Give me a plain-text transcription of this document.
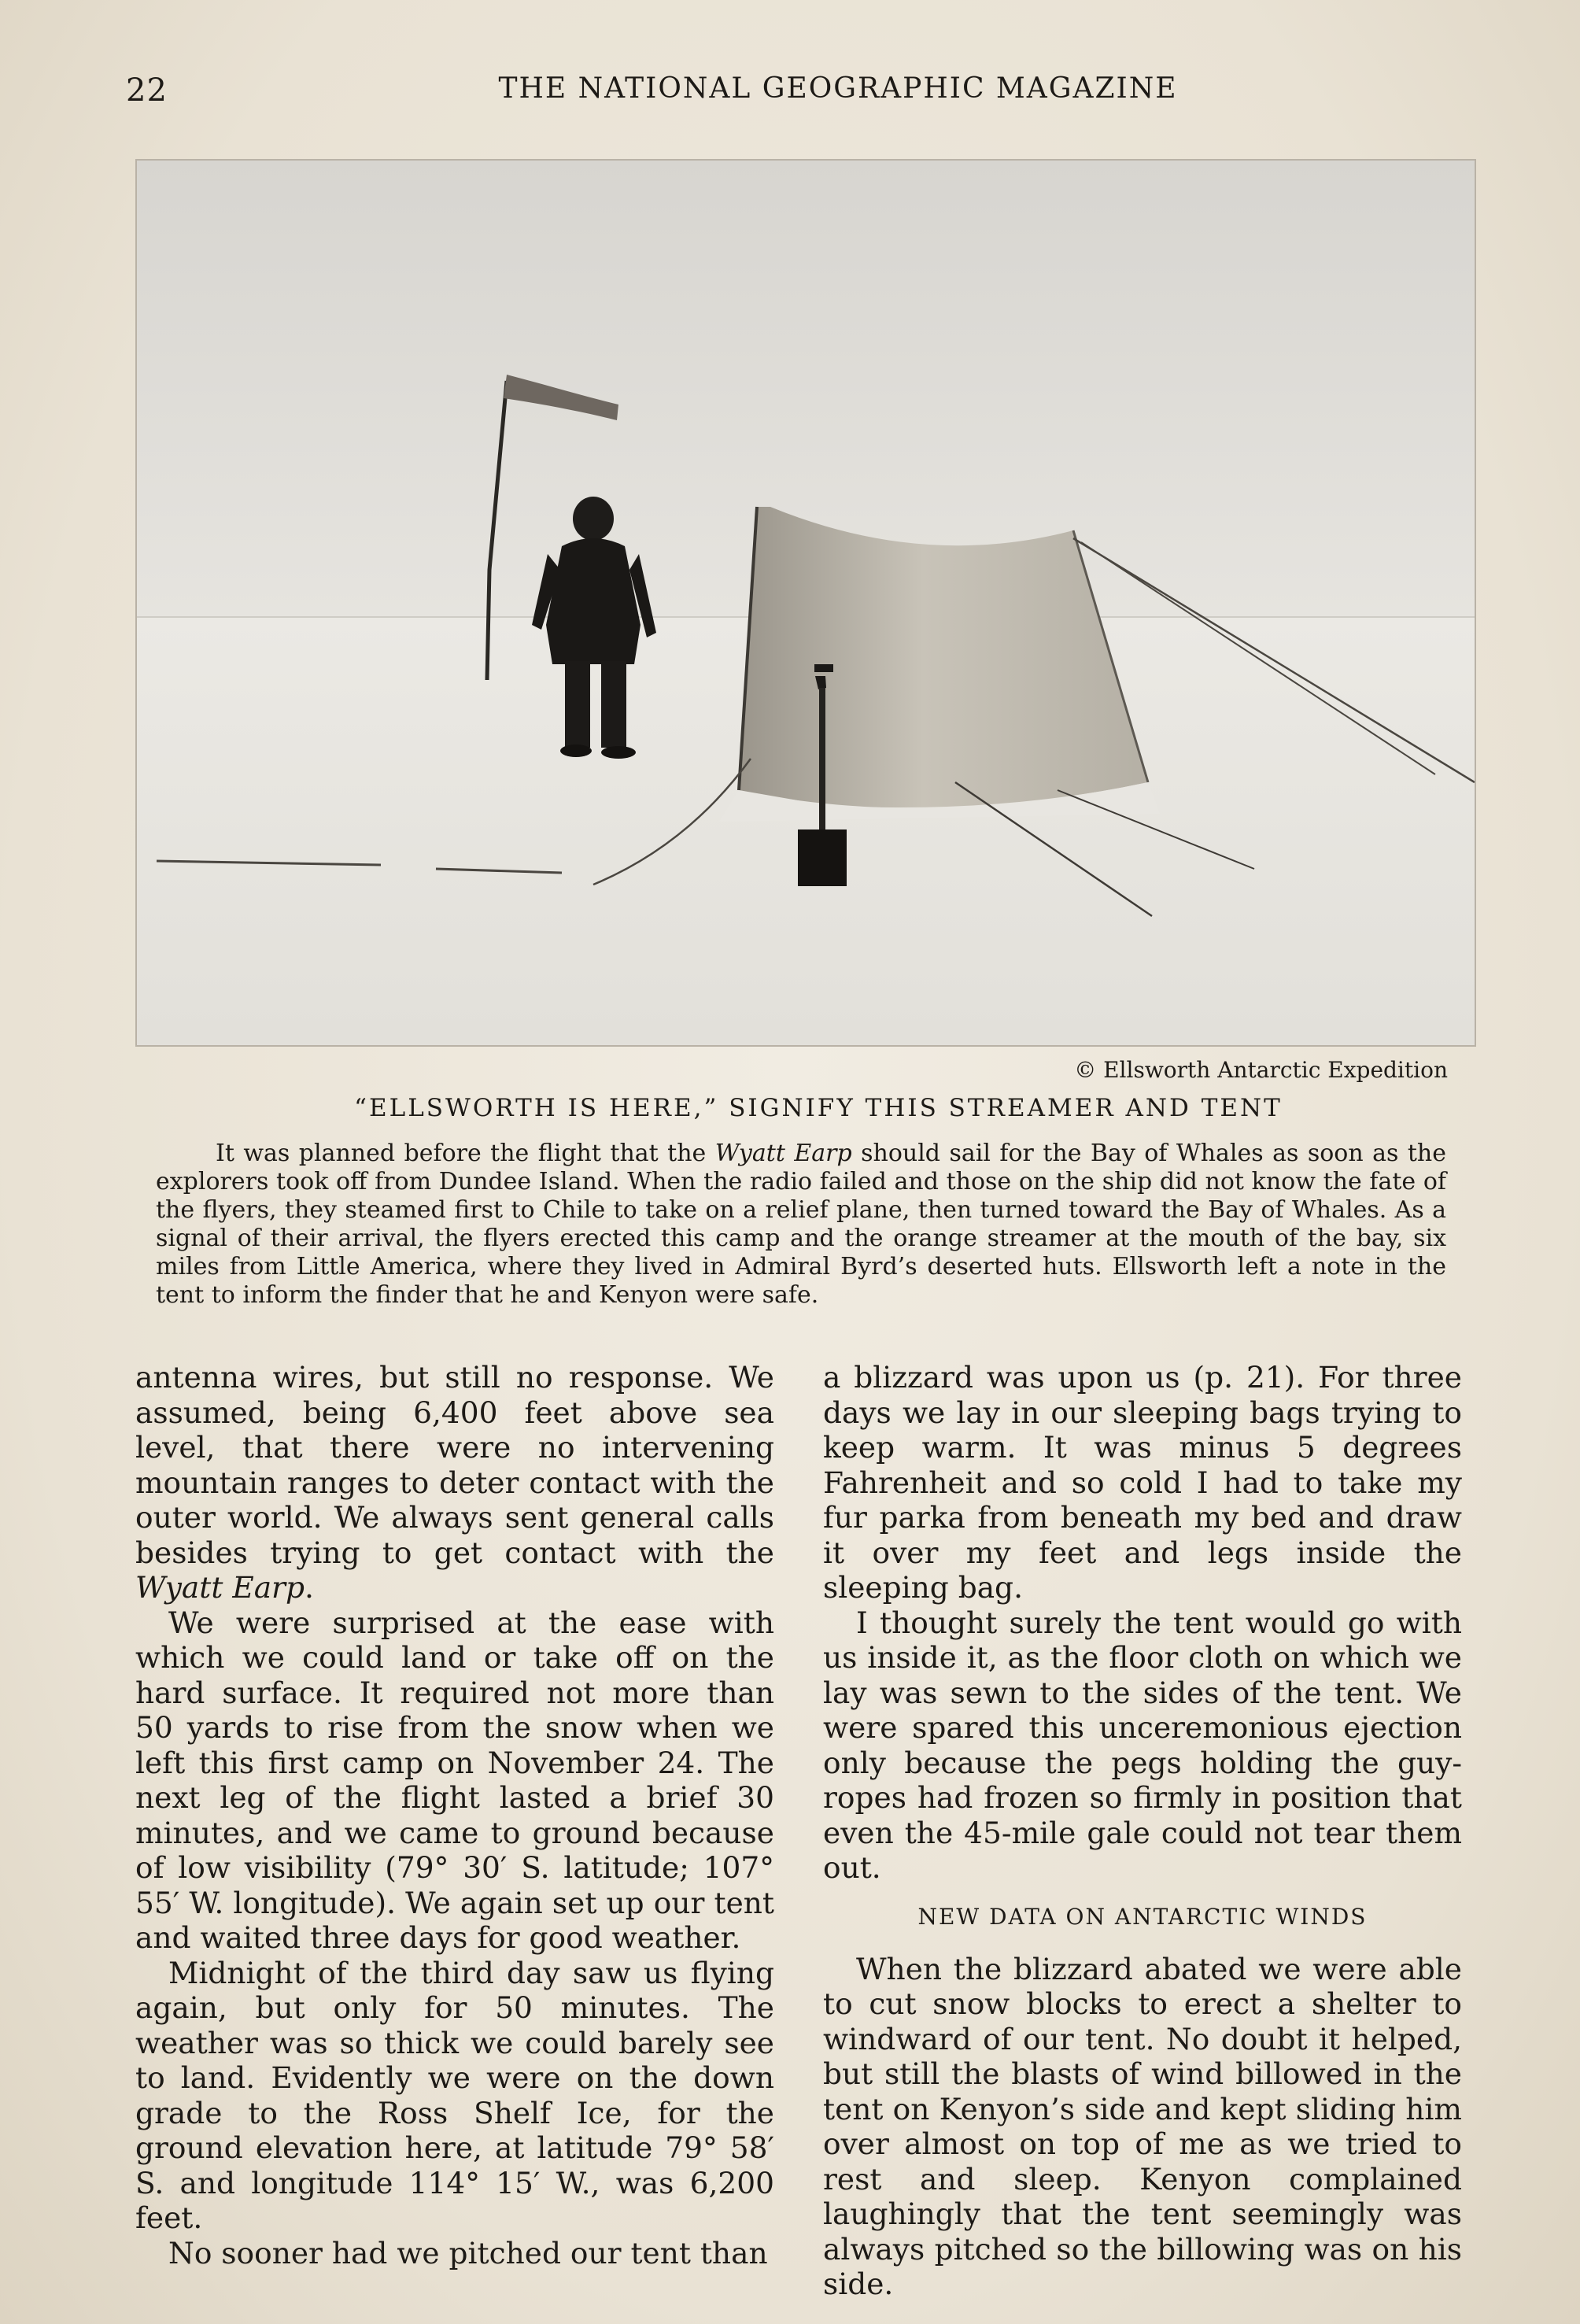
22	THE NATIONAL GEOGRAPHIC MAGAZINE
© Ellsworth Antarctic Expedition
“ELLSWORTH IS HERE,” SIGNIFY THIS STREAMER AND TENT
It was planned before the flight that the Wyatt Earp should sail for the Bay of Whales as soon as the explorers took off from Dundee Island. When the radio failed and those on the ship did not know the fate of the flyers, they steamed first to Chile to take on a relief plane, then turned toward the Bay of Whales. As a signal of their arrival, the flyers erected this camp and the orange streamer at the mouth of the bay, six miles from Little America, where they lived in Admiral Byrd’s deserted huts. Ellsworth left a note in the tent to inform the finder that he and Kenyon were safe.

antenna wires, but still no response. We assumed, being 6,400 feet above sea level, that there were no intervening mountain ranges to deter contact with the outer world. We always sent general calls besides trying to get contact with the Wyatt Earp.

We were surprised at the ease with which we could land or take off on the hard surface. It required not more than 50 yards to rise from the snow when we left this first camp on November 24. The next leg of the flight lasted a brief 30 minutes, and we came to ground because of low visibility (79° 30′ S. latitude; 107° 55′ W. longitude). We again set up our tent and waited three days for good weather.

Midnight of the third day saw us flying again, but only for 50 minutes. The weather was so thick we could barely see to land. Evidently we were on the down grade to the Ross Shelf Ice, for the ground elevation here, at latitude 79° 58′ S. and longitude 114° 15′ W., was 6,200 feet.

No sooner had we pitched our tent than

a blizzard was upon us (p. 21). For three days we lay in our sleeping bags trying to keep warm. It was minus 5 degrees Fahrenheit and so cold I had to take my fur parka from beneath my bed and draw it over my feet and legs inside the sleeping bag.

I thought surely the tent would go with us inside it, as the floor cloth on which we lay was sewn to the sides of the tent. We were spared this unceremonious ejection only because the pegs holding the guy-ropes had frozen so firmly in position that even the 45-mile gale could not tear them out.

NEW DATA ON ANTARCTIC WINDS

When the blizzard abated we were able to cut snow blocks to erect a shelter to windward of our tent. No doubt it helped, but still the blasts of wind billowed in the tent on Kenyon’s side and kept sliding him over almost on top of me as we tried to rest and sleep. Kenyon complained laughingly that the tent seemingly was always pitched so the billowing was on his side.
